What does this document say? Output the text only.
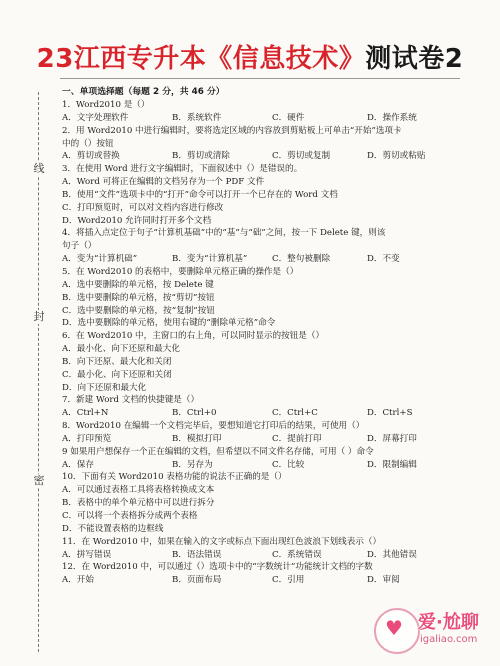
23江西专升本《信息技术》测试卷2
线
封
密
一、单项选择题（每题 2 分，共 46 分）
1．Word2010 是（）
A．文字处理软件	B．系统软件	C．硬件	D．操作系统
2．用 Word2010 中进行编辑时，要将选定区域的内容放到剪贴板上可单击“开始”选项卡
中的（）按钮
A．剪切或替换	B．剪切或清除	C．剪切或复制	D．剪切或粘贴
3．在使用 Word 进行文字编辑时，下面叙述中（）是错误的。
A．Word 可将正在编辑的文档另存为一个 PDF 文件
B．使用“文件”选项卡中的“打开”命令可以打开一个已存在的 Word 文档
C．打印预览时，可以对文档内容进行修改
D．Word2010 允许同时打开多个文档
4．将插入点定位于句子“计算机基础”中的“基”与“础”之间，按一下 Delete 键，则该
句子（）
A．变为“计算机础”	B．变为“计算机基”	C．整句被删除	D．不变
5．在 Word2010 的表格中，要删除单元格正确的操作是（）
A．选中要删除的单元格，按 Delete 键
B．选中要删除的单元格，按“剪切”按钮
C．选中要删除的单元格，按“复制”按钮
D．选中要删除的单元格，使用右键的“删除单元格”命令
6．在 Word2010 中，主窗口的右上角，可以同时显示的按钮是（）
A．最小化、向下还原和最大化
B．向下还原、最大化和关闭
C．最小化、向下还原和关闭
D．向下还原和最大化
7．新建 Word 文档的快捷键是（）
A．Ctrl+N	B．Ctrl+0	C．Ctrl+C	D．Ctrl+S
8．Word2010 在编辑一个文档完毕后，要想知道它打印后的结果，可使用（）
A．打印预览	B．模拟打印	C．提前打印	D．屏幕打印
9 如果用户想保存一个正在编辑的文档，但希望以不同文件名存储，可用（ ）命令
A．保存	B．另存为	C．比较	D．限制编辑
10．下面有关 Word2010 表格功能的说法不正确的是（）
A．可以通过表格工具将表格转换成文本
B．表格中的单个单元格中可以进行拆分
C．可以将一个表格拆分成两个表格
D．不能设置表格的边框线
11．在 Word2010 中，如果在输入的文字或标点下面出现红色波浪下划线表示（）
A．拼写错误	B．语法错误	C．系统错误	D．其他错误
12．在 Word2010 中，可以通过（）选项卡中的“字数统计”功能统计文档的字数
A．开始	B．页面布局	C．引用	D．审阅
♥ 爱·尬聊
igaliao.com
